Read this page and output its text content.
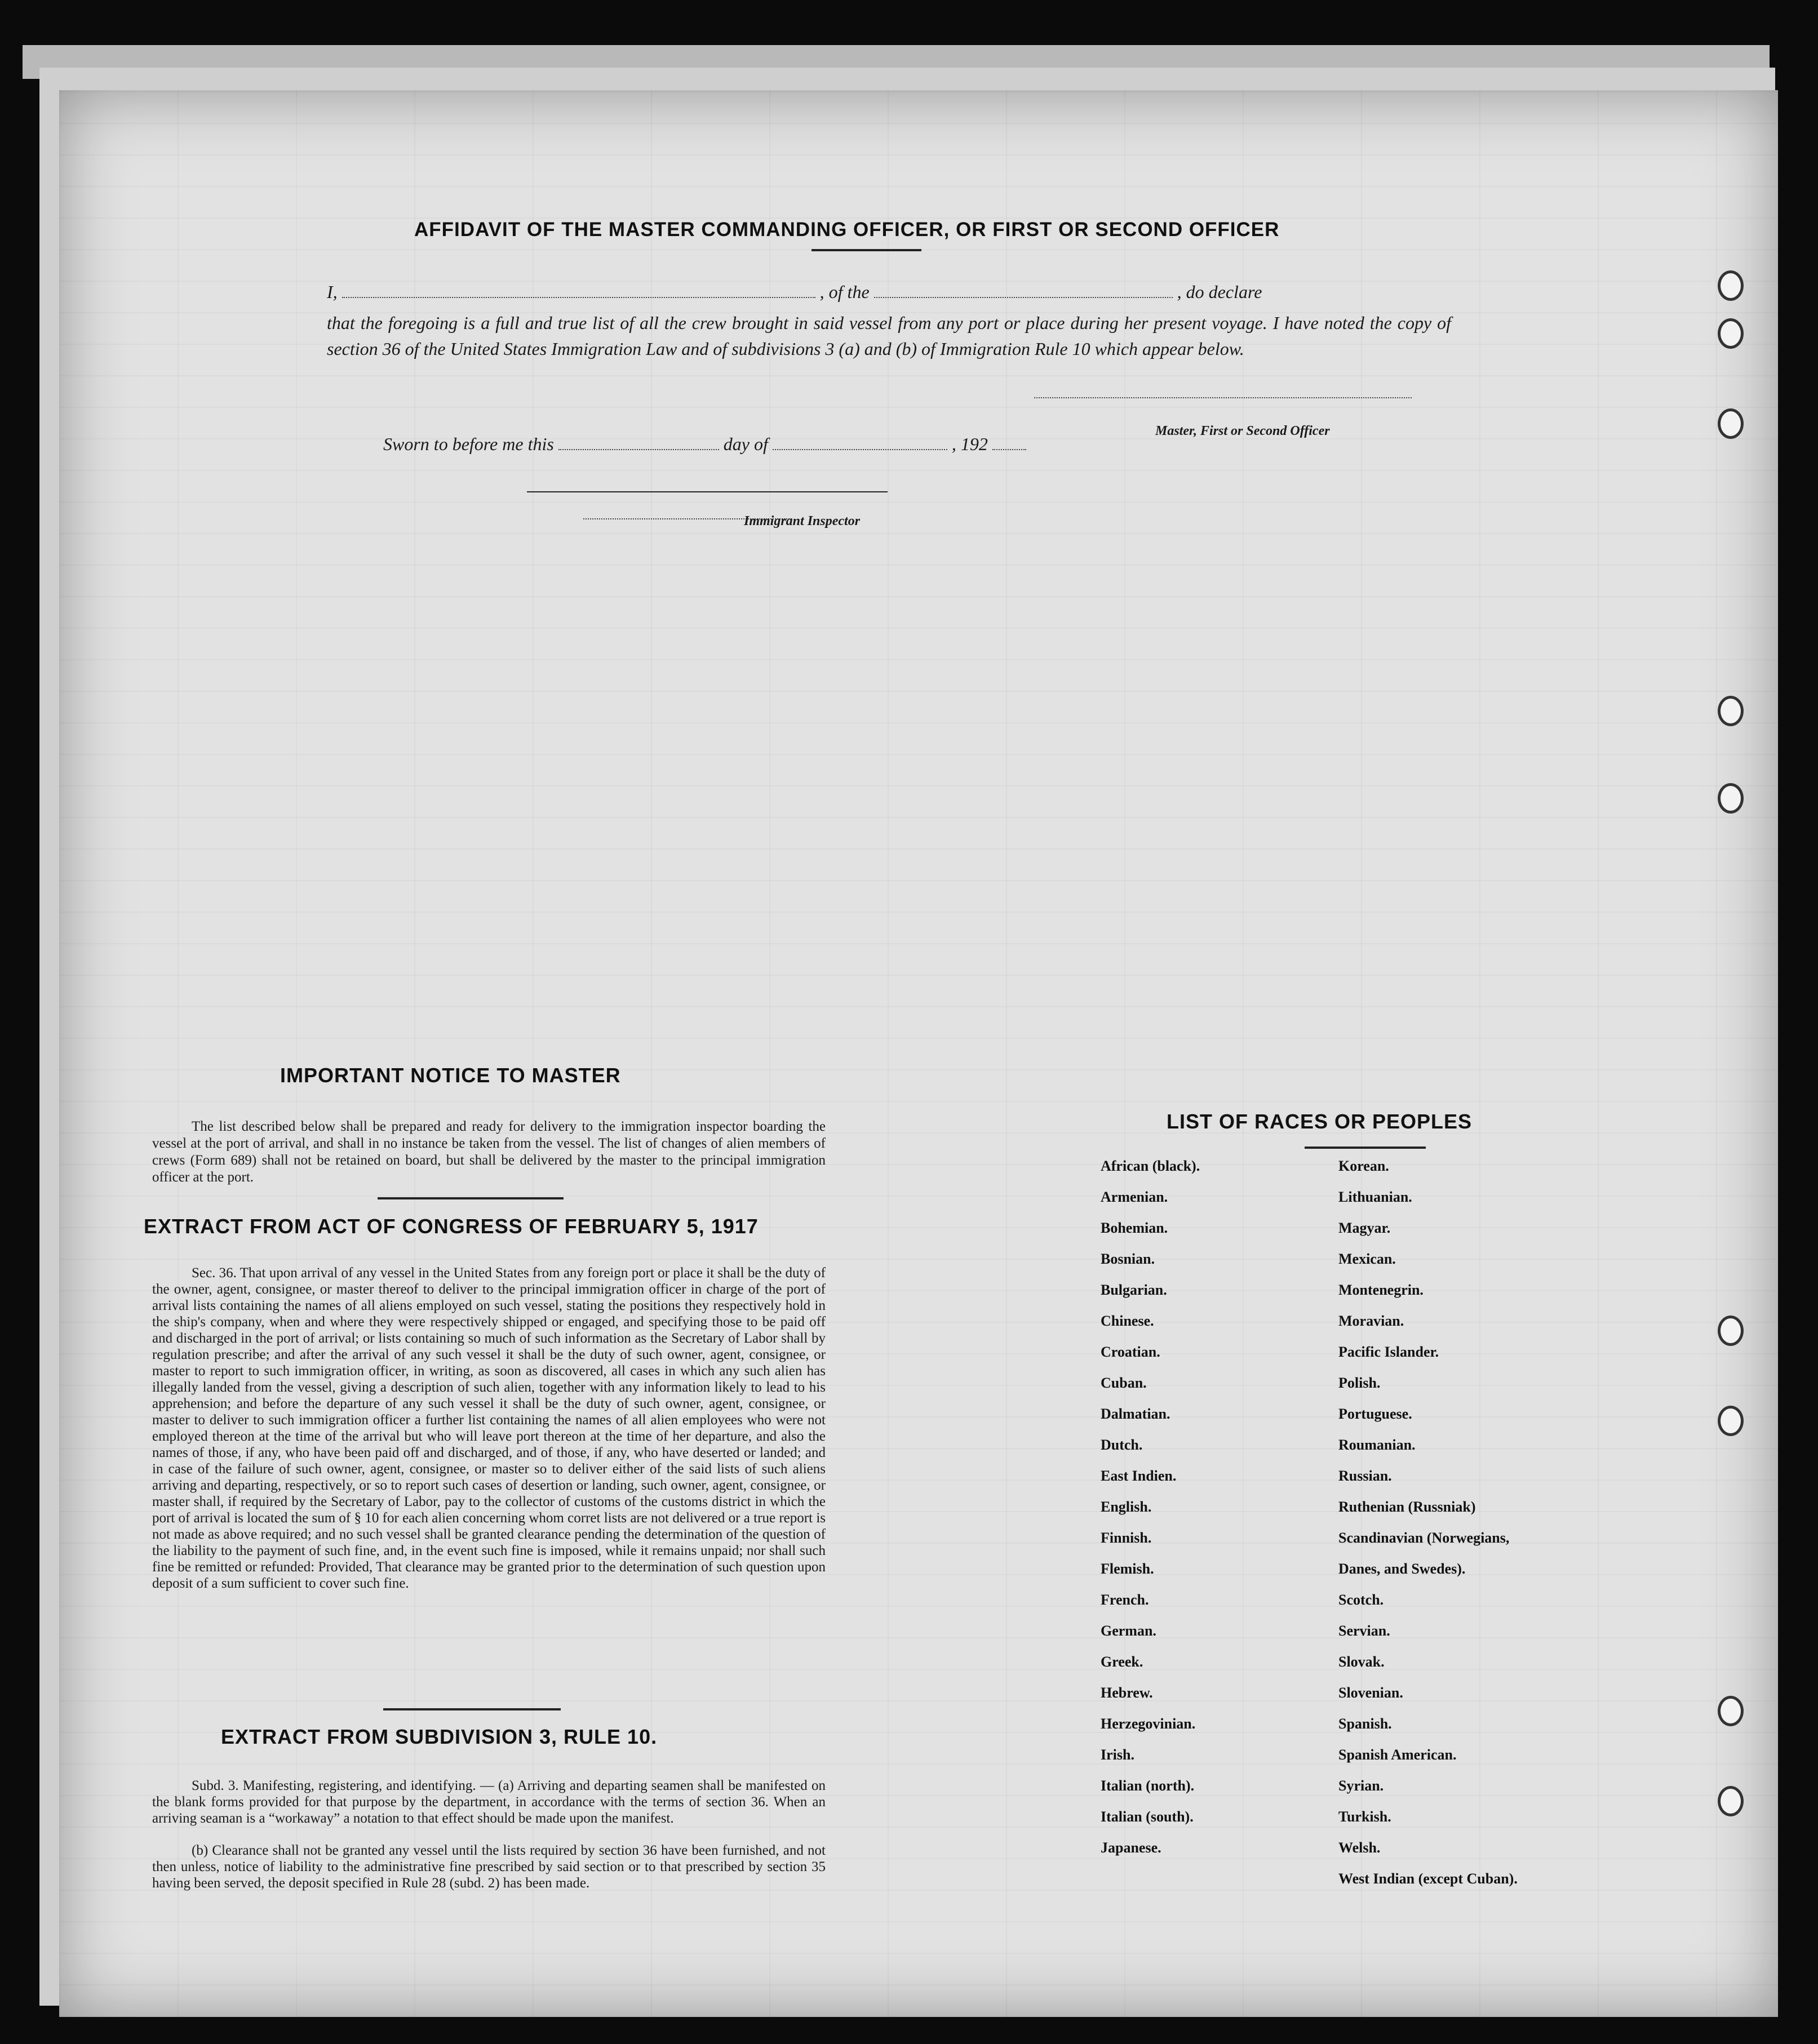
AFFIDAVIT OF THE MASTER COMMANDING OFFICER, OR FIRST OR SECOND OFFICER
I,	, of the	, do declare
that the foregoing is a full and true list of all the crew brought in said vessel from any port or place during her present voyage. I have noted the copy of section 36 of the United States Immigration Law and of subdivisions 3 (a) and (b) of Immigration Rule 10 which appear below.
Master, First or Second Officer
Sworn to before me this	day of	, 192
Immigrant Inspector
IMPORTANT NOTICE TO MASTER
The list described below shall be prepared and ready for delivery to the immigration inspector boarding the vessel at the port of arrival, and shall in no instance be taken from the vessel. The list of changes of alien members of crews (Form 689) shall not be retained on board, but shall be delivered by the master to the principal immigration officer at the port.
EXTRACT FROM ACT OF CONGRESS OF FEBRUARY 5, 1917
Sec. 36. That upon arrival of any vessel in the United States from any foreign port or place it shall be the duty of the owner, agent, consignee, or master thereof to deliver to the principal immigration officer in charge of the port of arrival lists containing the names of all aliens employed on such vessel, stating the positions they respectively hold in the ship's company, when and where they were respectively shipped or engaged, and specifying those to be paid off and discharged in the port of arrival; or lists containing so much of such information as the Secretary of Labor shall by regulation prescribe; and after the arrival of any such vessel it shall be the duty of such owner, agent, consignee, or master to report to such immigration officer, in writing, as soon as discovered, all cases in which any such alien has illegally landed from the vessel, giving a description of such alien, together with any information likely to lead to his apprehension; and before the departure of any such vessel it shall be the duty of such owner, agent, consignee, or master to deliver to such immigration officer a further list containing the names of all alien employees who were not employed thereon at the time of the arrival but who will leave port thereon at the time of her departure, and also the names of those, if any, who have been paid off and discharged, and of those, if any, who have deserted or landed; and in case of the failure of such owner, agent, consignee, or master so to deliver either of the said lists of such aliens arriving and departing, respectively, or so to report such cases of desertion or landing, such owner, agent, consignee, or master shall, if required by the Secretary of Labor, pay to the collector of customs of the customs district in which the port of arrival is located the sum of § 10 for each alien concerning whom corret lists are not delivered or a true report is not made as above required; and no such vessel shall be granted clearance pending the determination of the question of the liability to the payment of such fine, and, in the event such fine is imposed, while it remains unpaid; nor shall such fine be remitted or refunded: Provided, That clearance may be granted prior to the determination of such question upon deposit of a sum sufficient to cover such fine.
EXTRACT FROM SUBDIVISION 3, RULE 10.
Subd. 3. Manifesting, registering, and identifying. — (a) Arriving and departing seamen shall be manifested on the blank forms provided for that purpose by the department, in accordance with the terms of section 36. When an arriving seaman is a “workaway” a notation to that effect should be made upon the manifest.
(b) Clearance shall not be granted any vessel until the lists required by section 36 have been furnished, and not then unless, notice of liability to the administrative fine prescribed by said section or to that prescribed by section 35 having been served, the deposit specified in Rule 28 (subd. 2) has been made.
LIST OF RACES OR PEOPLES
African (black).
Armenian.
Bohemian.
Bosnian.
Bulgarian.
Chinese.
Croatian.
Cuban.
Dalmatian.
Dutch.
East Indien.
English.
Finnish.
Flemish.
French.
German.
Greek.
Hebrew.
Herzegovinian.
Irish.
Italian (north).
Italian (south).
Japanese.
Korean.
Lithuanian.
Magyar.
Mexican.
Montenegrin.
Moravian.
Pacific Islander.
Polish.
Portuguese.
Roumanian.
Russian.
Ruthenian (Russniak)
Scandinavian (Norwegians,
Danes, and Swedes).
Scotch.
Servian.
Slovak.
Slovenian.
Spanish.
Spanish American.
Syrian.
Turkish.
Welsh.
West Indian (except Cuban).
